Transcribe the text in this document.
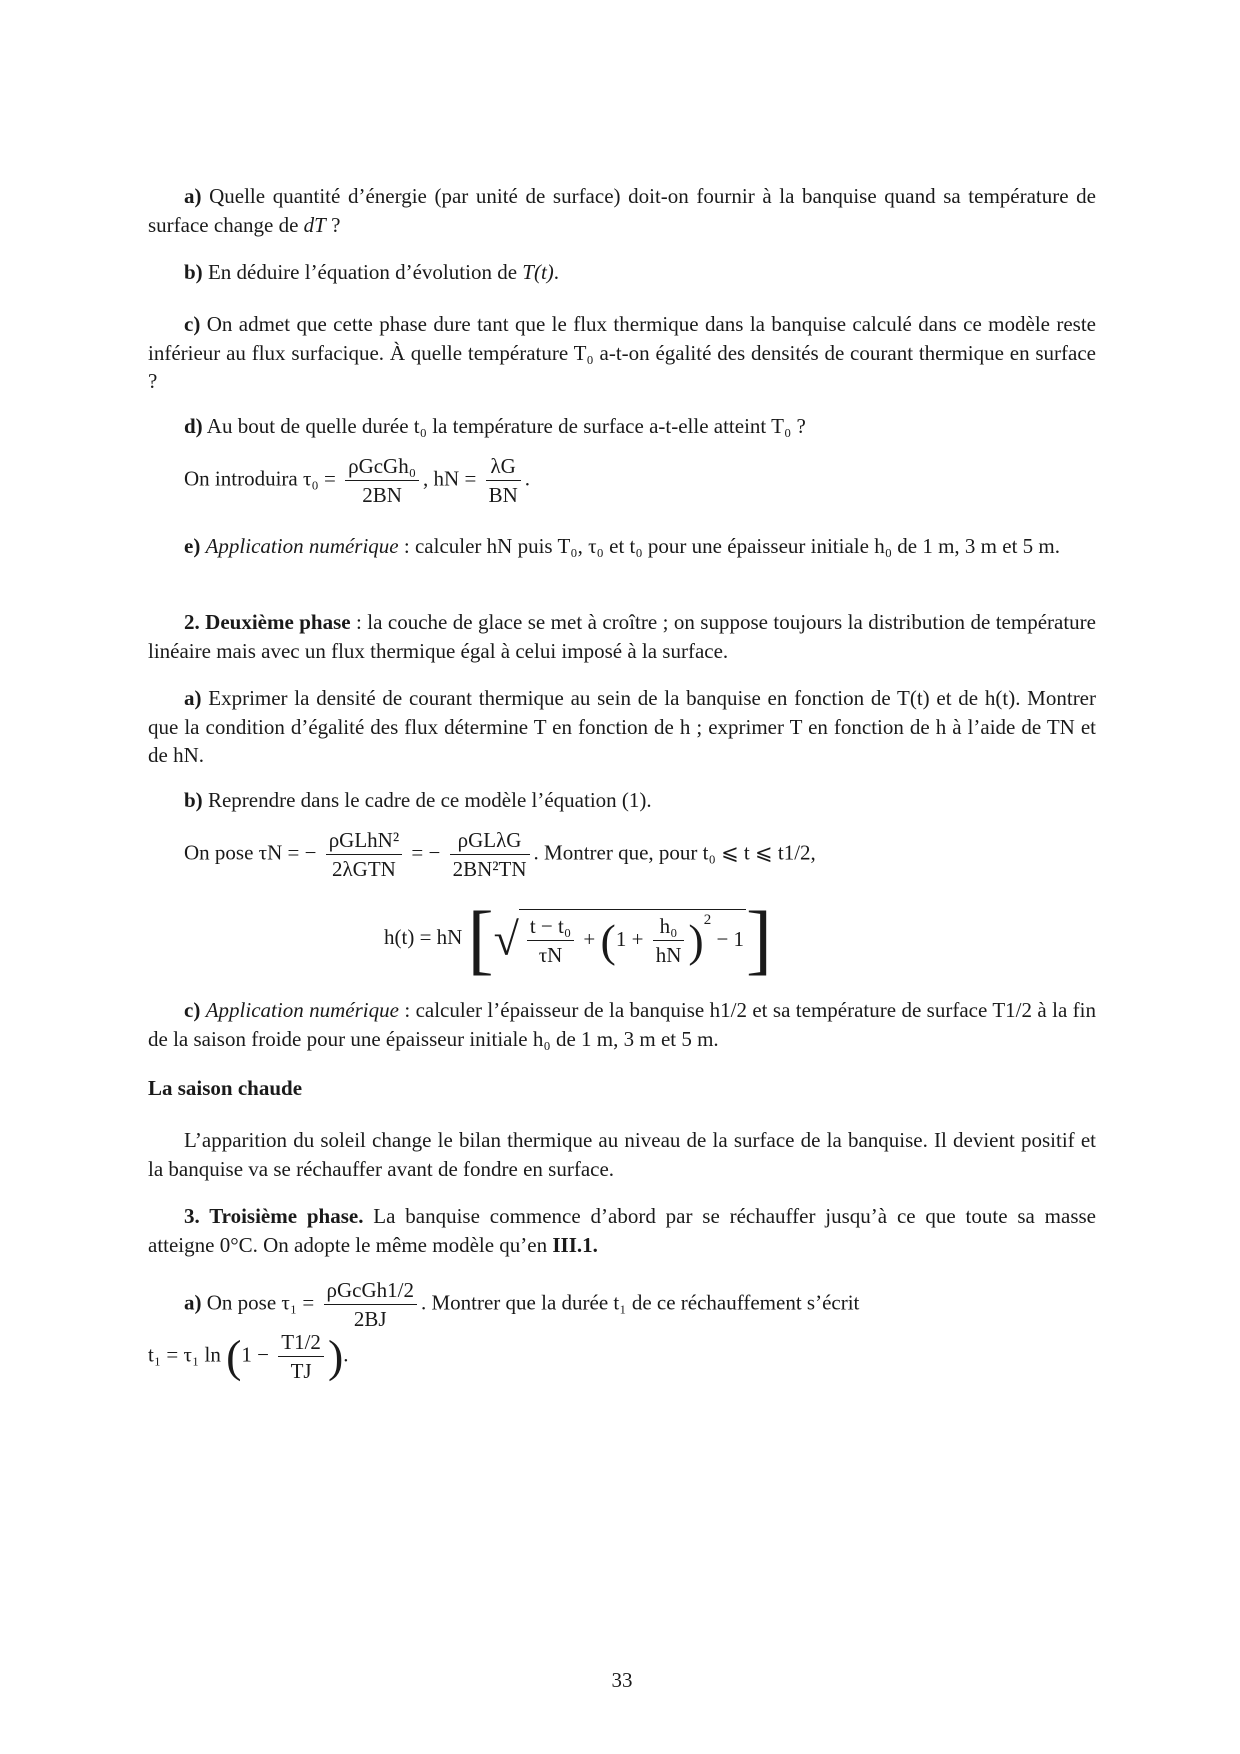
a) Quelle quantité d’énergie (par unité de surface) doit-on fournir à la banquise quand sa température de surface change de dT ?
b) En déduire l’équation d’évolution de T(t).
c) On admet que cette phase dure tant que le flux thermique dans la banquise calculé dans ce modèle reste inférieur au flux surfacique. À quelle température T₀ a-t-on égalité des densités de courant thermique en surface ?
d) Au bout de quelle durée t₀ la température de surface a-t-elle atteint T₀ ?
On introduira τ₀ =
ρGcGh₀
2BN
, hN = $\frac{\lambda G}{BN}$ .
e) Application numérique : calculer hN puis T₀, τ₀ et t₀ pour une épaisseur initiale h₀ de 1 m, 3 m et 5 m.
2. Deuxième phase : la couche de glace se met à croître ; on suppose toujours la distribution de température linéaire mais avec un flux thermique égal à celui imposé à la surface.
a) Exprimer la densité de courant thermique au sein de la banquise en fonction de T(t) et de h(t). Montrer que la condition d’égalité des flux détermine T en fonction de h ; exprimer T en fonction de h à l’aide de TN et de hN.
b) Reprendre dans le cadre de ce modèle l’équation (1).
On pose τN = −
ρGLhN²
2λGTN
= −
ρGLλG
2BN²TN
. Montrer que, pour t₀ ⩽ t ⩽ t1/2,
h(t) = hN [√ $\frac{\text{t − t₀}}{\tau N} + (1 + \frac{\text{h₀}}{hN} )^2 - 1$]
c) Application numérique : calculer l’épaisseur de la banquise h1/2 et sa température de surface T1/2 à la fin de la saison froide pour une épaisseur initiale h₀ de 1 m, 3 m et 5 m.
La saison chaude
L’apparition du soleil change le bilan thermique au niveau de la surface de la banquise. Il devient positif et la banquise va se réchauffer avant de fondre en surface.
3. Troisième phase. La banquise commence d’abord par se réchauffer jusqu’à ce que toute sa masse atteigne 0°C. On adopte le même modèle qu’en III.1.
a) On pose τ₁ =
ρGcGh1/2
2BJ
. Montrer que la durée t₁ de ce réchauffement s’écrit
t₁ = τ₁ $\ln (1 - \frac{T1/2}{TJ}$ ).
33
